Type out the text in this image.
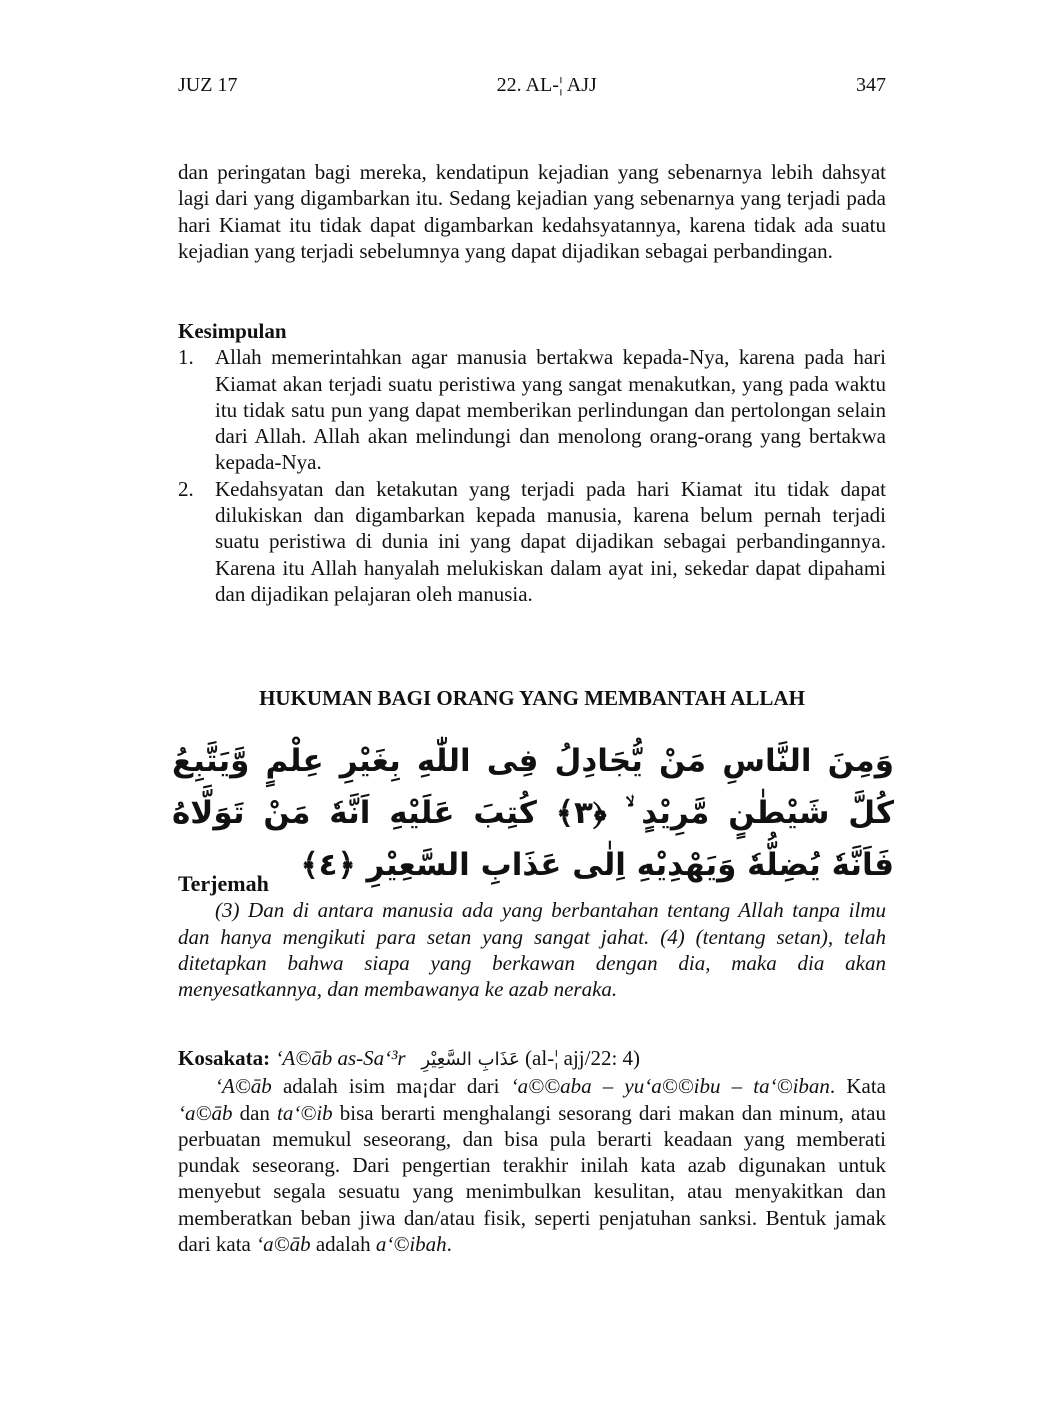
JUZ 17	22. AL-¦ AJJ	347

dan peringatan bagi mereka, kendatipun kejadian yang sebenarnya lebih dahsyat lagi dari yang digambarkan itu. Sedang kejadian yang sebenarnya yang terjadi pada hari Kiamat itu tidak dapat digambarkan kedahsyatannya, karena tidak ada suatu kejadian yang terjadi sebelumnya yang dapat dijadikan sebagai perbandingan.

Kesimpulan

1.	Allah memerintahkan agar manusia bertakwa kepada-Nya, karena pada hari Kiamat akan terjadi suatu peristiwa yang sangat menakutkan, yang pada waktu itu tidak satu pun yang dapat memberikan perlindungan dan pertolongan selain dari Allah. Allah akan melindungi dan menolong orang-orang yang bertakwa kepada-Nya.
2.	Kedahsyatan dan ketakutan yang terjadi pada hari Kiamat itu tidak dapat dilukiskan dan digambarkan kepada manusia, karena belum pernah terjadi suatu peristiwa di dunia ini yang dapat dijadikan sebagai perbandingannya. Karena itu Allah hanyalah melukiskan dalam ayat ini, sekedar dapat dipahami dan dijadikan pelajaran oleh manusia.
HUKUMAN BAGI ORANG YANG MEMBANTAH ALLAH
وَمِنَ النَّاسِ مَنْ يُّجَادِلُ فِى اللّٰهِ بِغَيْرِ عِلْمٍ وَّيَتَّبِعُ كُلَّ شَيْطٰنٍ مَّرِيْدٍ ۙ ﴿٣﴾ كُتِبَ عَلَيْهِ اَنَّهٗ مَنْ تَوَلَّاهُ فَاَنَّهٗ يُضِلُّهٗ وَيَهْدِيْهِ اِلٰى عَذَابِ السَّعِيْرِ ﴿٤﴾

Terjemah

(3) Dan di antara manusia ada yang berbantahan tentang Allah tanpa ilmu dan hanya mengikuti para setan yang sangat jahat. (4) (tentang setan), telah ditetapkan bahwa siapa yang berkawan dengan dia, maka dia akan menyesatkannya, dan membawanya ke azab neraka.

Kosakata: ‘A©āb as-Sa‘³r عَذَابِ السَّعِيْرِ (al-¦ ajj/22: 4)

‘A©āb adalah isim ma¡dar dari ‘a©©aba – yu‘a©©ibu – ta‘©iban. Kata ‘a©āb dan ta‘©ib bisa berarti menghalangi sesorang dari makan dan minum, atau perbuatan memukul seseorang, dan bisa pula berarti keadaan yang memberati pundak seseorang. Dari pengertian terakhir inilah kata azab digunakan untuk menyebut segala sesuatu yang menimbulkan kesulitan, atau menyakitkan dan memberatkan beban jiwa dan/atau fisik, seperti penjatuhan sanksi. Bentuk jamak dari kata ‘a©āb adalah a‘©ibah.
